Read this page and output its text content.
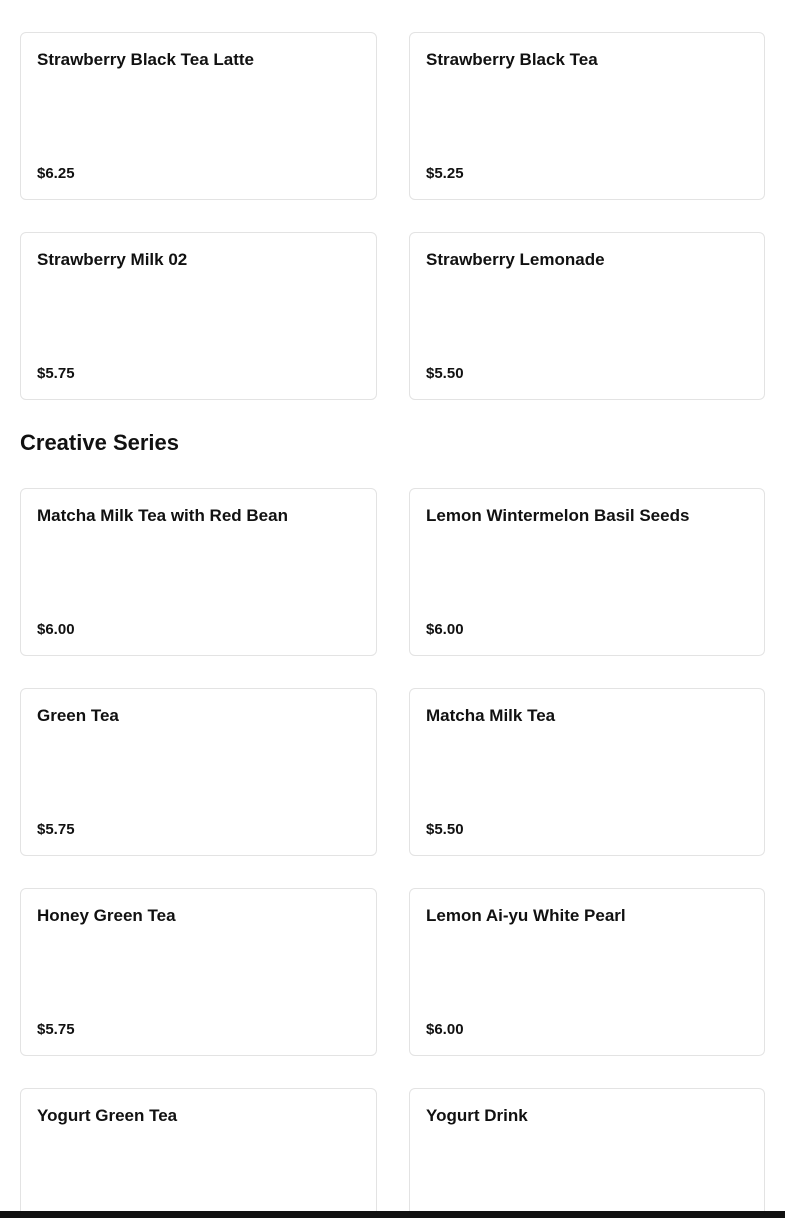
Strawberry Black Tea Latte
$6.25
Strawberry Black Tea
$5.25
Strawberry Milk 02
$5.75
Strawberry Lemonade
$5.50
Creative Series
Matcha Milk Tea with Red Bean
$6.00
Lemon Wintermelon Basil Seeds
$6.00
Green Tea
$5.75
Matcha Milk Tea
$5.50
Honey Green Tea
$5.75
Lemon Ai-yu White Pearl
$6.00
Yogurt Green Tea	Yogurt Drink
